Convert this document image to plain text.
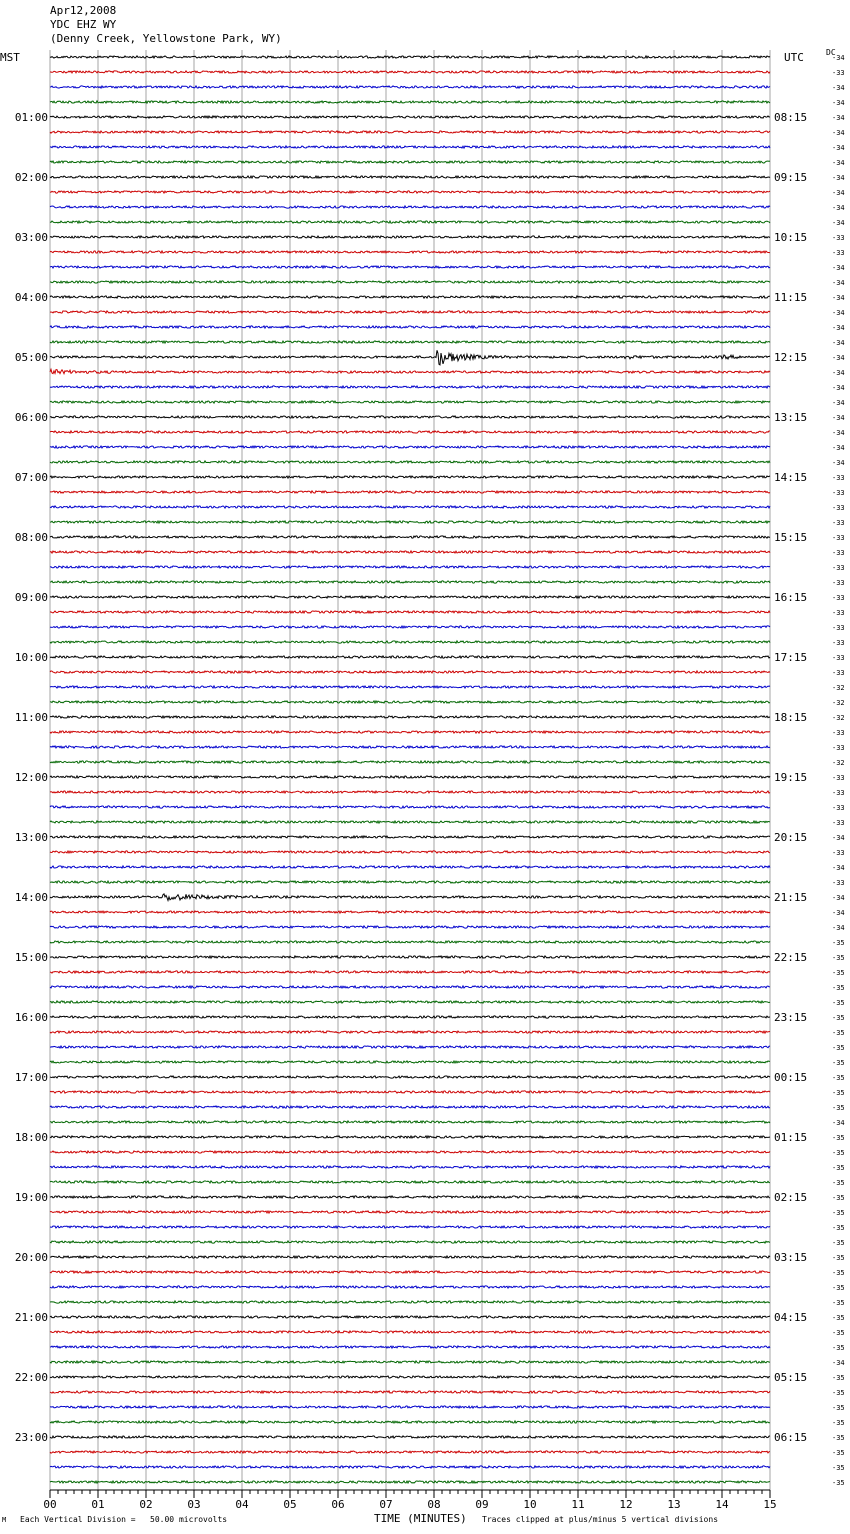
Apr12,2008
YDC EHZ WY
(Denny Creek, Yellowstone Park, WY)
MST	UTC	DC
-34
-33
-34
-34
01:00	08:15	-34
-34
-34
-34
02:00	09:15	-34
-34
-34
-34
03:00	10:15	-33
-33
-34
-34
04:00	11:15	-34
-34
-34
-34
05:00	12:15	-34
-34
-34
-34
06:00	13:15	-34
-34
-34
-34
07:00	14:15	-33
-33
-33
-33
08:00	15:15	-33
-33
-33
-33
09:00	16:15	-33
-33
-33
-33
10:00	17:15	-33
-33
-32
-32
11:00	18:15	-32
-33
-33
-32
12:00	19:15	-33
-33
-33
-33
13:00	20:15	-34
-33
-34
-33
14:00	21:15	-34
-34
-34
-35
15:00	22:15	-35
-35
-35
-35
16:00	23:15	-35
-35
-35
-35
17:00	00:15	-35
-35
-35
-34
18:00	01:15	-35
-35
-35
-35
19:00	02:15	-35
-35
-35
-35
20:00	03:15	-35
-35
-35
-35
21:00	04:15	-35
-35
-35
-34
22:00	05:15	-35
-35
-35
-35
23:00	06:15	-35
-35
-35
-35
00	01	02	03	04	05	06	07	08	09	10	11	12	13	14	15
TIME (MINUTES)
M Each Vertical Division =   50.00 microvolts	Traces clipped at plus/minus 5 vertical divisions
